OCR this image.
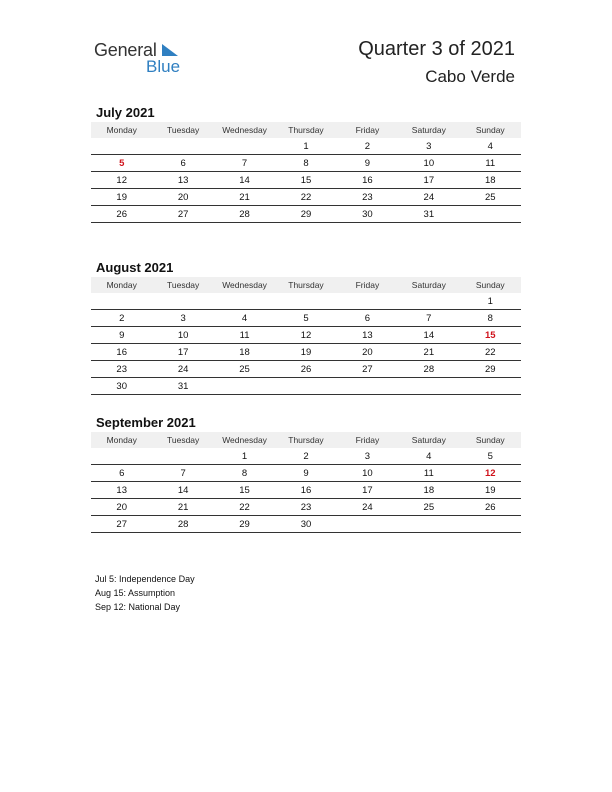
General
Blue
Quarter 3 of 2021
Cabo Verde
July 2021
Monday	Tuesday	Wednesday	Thursday	Friday	Saturday	Sunday
			1	2	3	4
5	6	7	8	9	10	11
12	13	14	15	16	17	18
19	20	21	22	23	24	25
26	27	28	29	30	31	
August 2021
Monday	Tuesday	Wednesday	Thursday	Friday	Saturday	Sunday
						1
2	3	4	5	6	7	8
9	10	11	12	13	14	15
16	17	18	19	20	21	22
23	24	25	26	27	28	29
30	31					
September 2021
Monday	Tuesday	Wednesday	Thursday	Friday	Saturday	Sunday
		1	2	3	4	5
6	7	8	9	10	11	12
13	14	15	16	17	18	19
20	21	22	23	24	25	26
27	28	29	30			
Jul 5: Independence Day
Aug 15: Assumption
Sep 12: National Day
